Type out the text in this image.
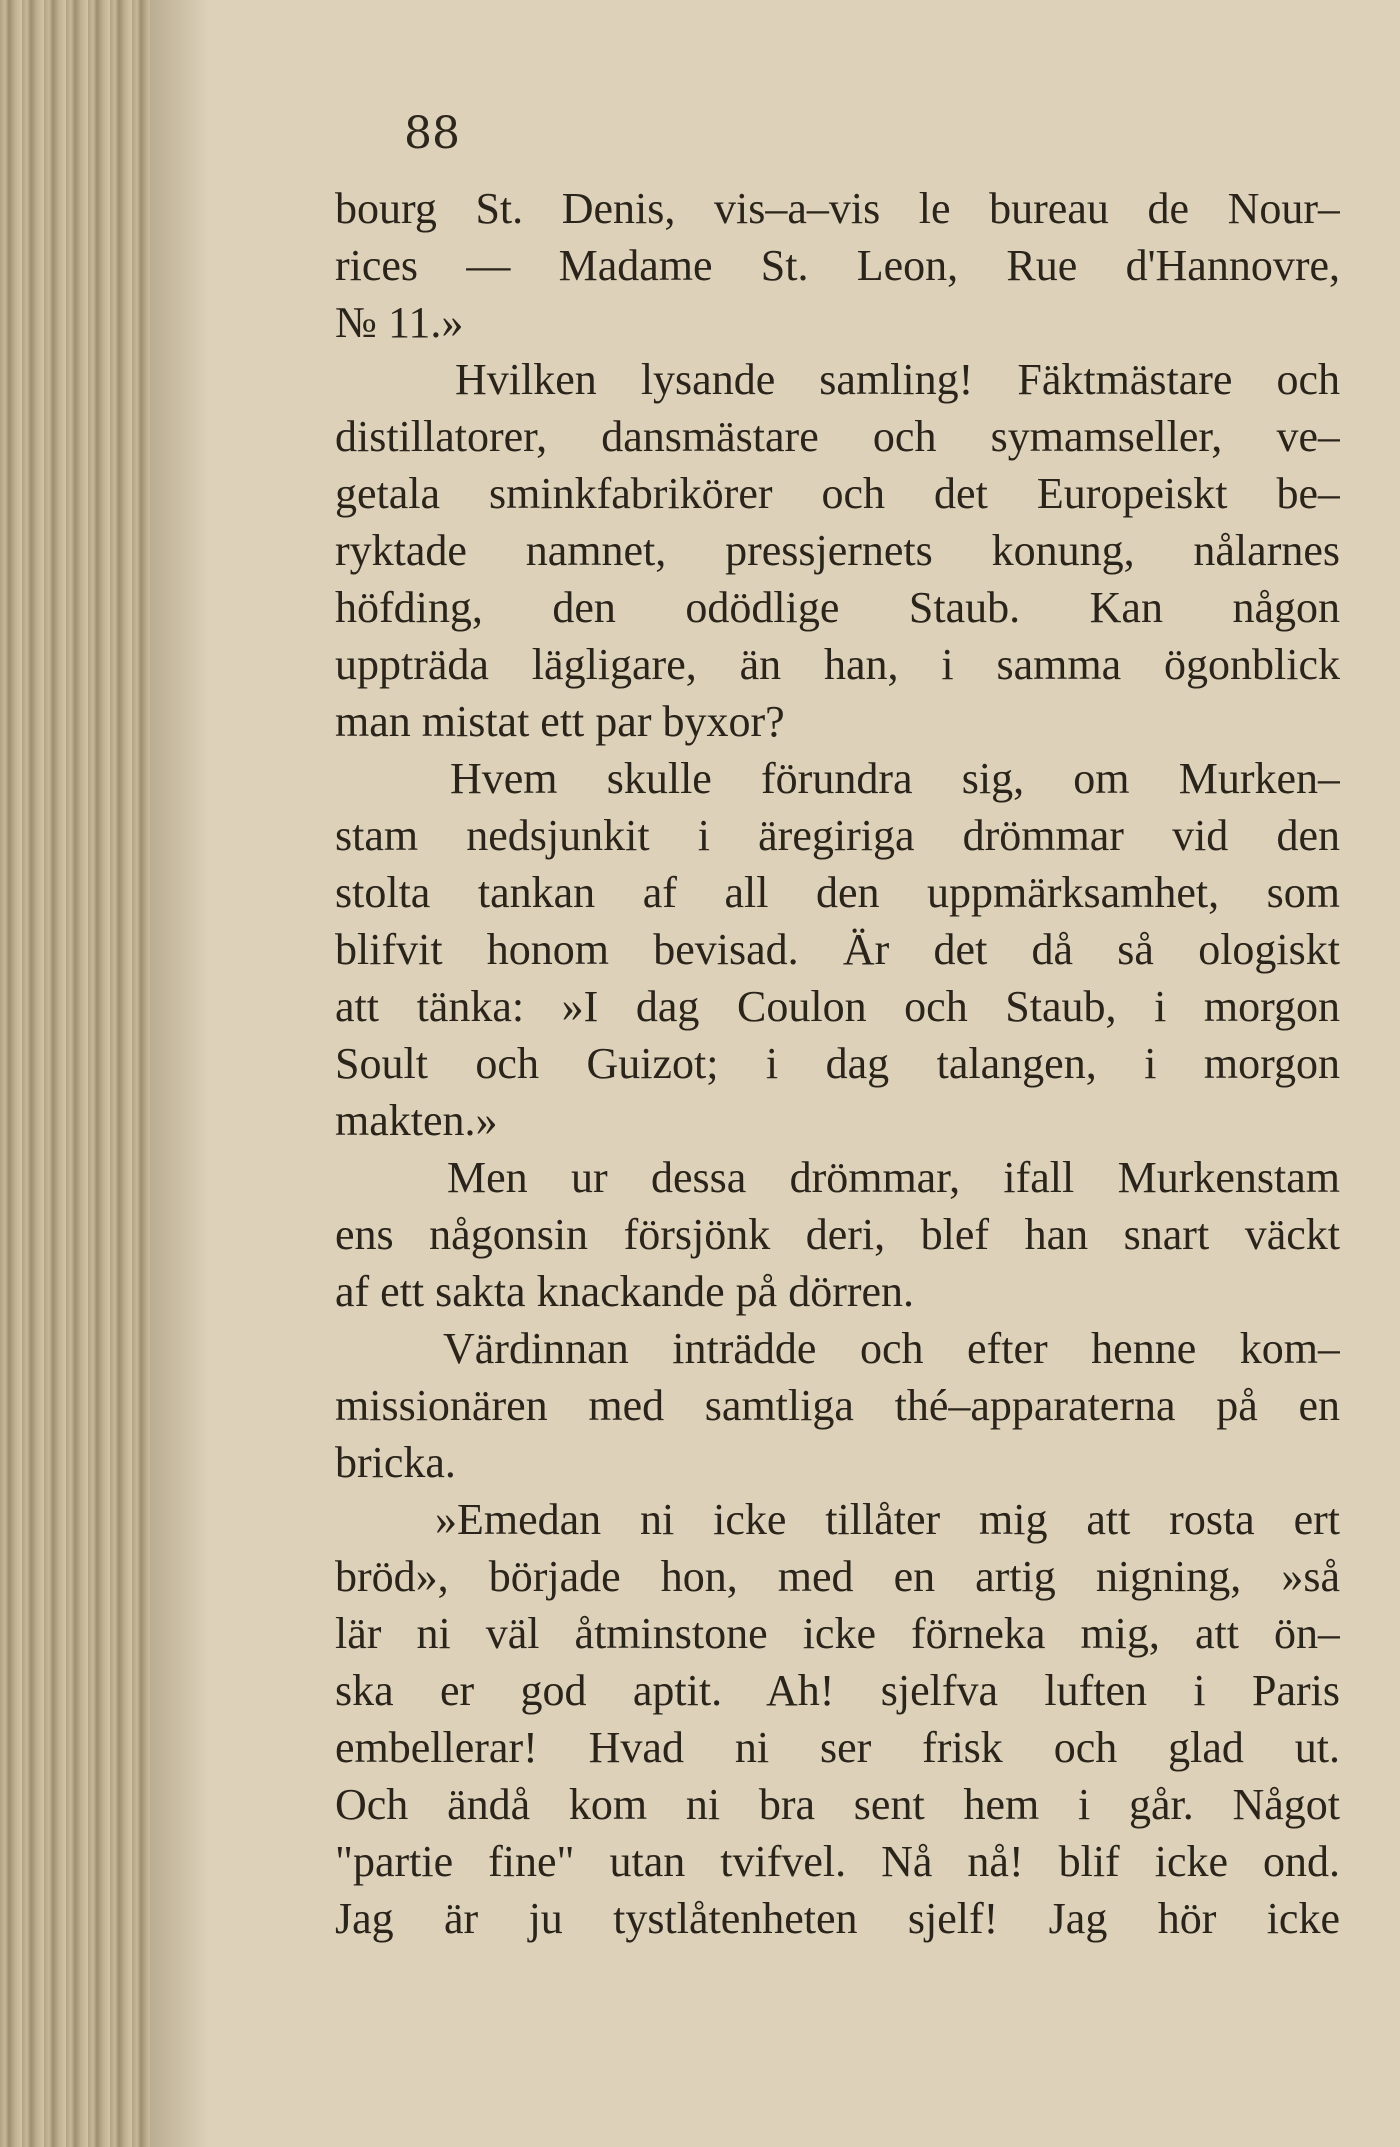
88

bourg St. Denis, vis–a–vis le bureau de Nour–

rices — Madame St. Leon, Rue d'Hannovre,

№ 11.»

Hvilken lysande samling! Fäktmästare och

distillatorer, dansmästare och symamseller, ve–

getala sminkfabrikörer och det Europeiskt be–

ryktade namnet, pressjernets konung, nålarnes

höfding, den odödlige Staub. Kan någon

uppträda lägligare, än han, i samma ögonblick

man mistat ett par byxor?

Hvem skulle förundra sig, om Murken–

stam nedsjunkit i äregiriga drömmar vid den

stolta tankan af all den uppmärksamhet, som

blifvit honom bevisad. Är det då så ologiskt

att tänka: »I dag Coulon och Staub, i morgon

Soult och Guizot; i dag talangen, i morgon

makten.»

Men ur dessa drömmar, ifall Murkenstam

ens någonsin försjönk deri, blef han snart väckt

af ett sakta knackande på dörren.

Värdinnan inträdde och efter henne kom–

missionären med samtliga thé–apparaterna på en

bricka.

»Emedan ni icke tillåter mig att rosta ert

bröd», började hon, med en artig nigning, »så

lär ni väl åtminstone icke förneka mig, att ön–

ska er god aptit. Ah! sjelfva luften i Paris

embellerar! Hvad ni ser frisk och glad ut.

Och ändå kom ni bra sent hem i går. Något

"partie fine" utan tvifvel. Nå nå! blif icke ond.

Jag är ju tystlåtenheten sjelf! Jag hör icke
